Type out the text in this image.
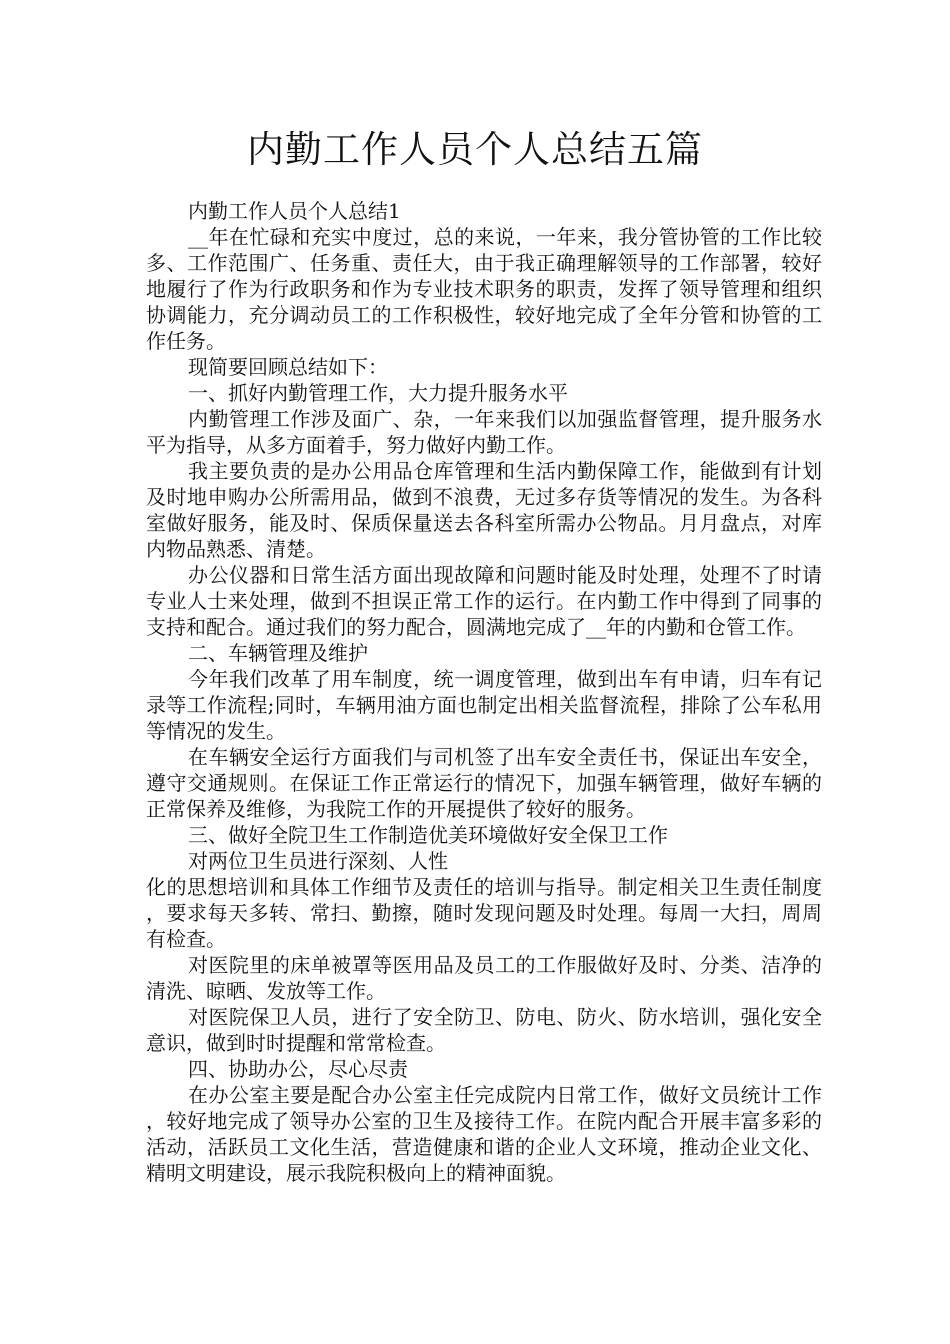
内勤工作人员个人总结五篇

内勤工作人员个人总结1

__年在忙碌和充实中度过，总的来说，一年来，我分管协管的工作比较多、工作范围广、任务重、责任大，由于我正确理解领导的工作部署，较好地履行了作为行政职务和作为专业技术职务的职责，发挥了领导管理和组织协调能力，充分调动员工的工作积极性，较好地完成了全年分管和协管的工作任务。

现简要回顾总结如下：

一、抓好内勤管理工作，大力提升服务水平

内勤管理工作涉及面广、杂，一年来我们以加强监督管理，提升服务水平为指导，从多方面着手，努力做好内勤工作。

我主要负责的是办公用品仓库管理和生活内勤保障工作，能做到有计划及时地申购办公所需用品，做到不浪费，无过多存货等情况的发生。为各科室做好服务，能及时、保质保量送去各科室所需办公物品。月月盘点，对库内物品熟悉、清楚。

办公仪器和日常生活方面出现故障和问题时能及时处理，处理不了时请专业人士来处理，做到不担误正常工作的运行。在内勤工作中得到了同事的支持和配合。通过我们的努力配合，圆满地完成了__年的内勤和仓管工作。

二、车辆管理及维护

今年我们改革了用车制度，统一调度管理，做到出车有申请，归车有记录等工作流程;同时，车辆用油方面也制定出相关监督流程，排除了公车私用等情况的发生。

在车辆安全运行方面我们与司机签了出车安全责任书，保证出车安全，遵守交通规则。在保证工作正常运行的情况下，加强车辆管理，做好车辆的正常保养及维修，为我院工作的开展提供了较好的服务。

三、做好全院卫生工作制造优美环境做好安全保卫工作

对两位卫生员进行深刻、人性

化的思想培训和具体工作细节及责任的培训与指导。制定相关卫生责任制度，要求每天多转、常扫、勤擦，随时发现问题及时处理。每周一大扫，周周有检查。

对医院里的床单被罩等医用品及员工的工作服做好及时、分类、洁净的清洗、晾晒、发放等工作。

对医院保卫人员，进行了安全防卫、防电、防火、防水培训，强化安全意识，做到时时提醒和常常检查。

四、协助办公，尽心尽责

在办公室主要是配合办公室主任完成院内日常工作，做好文员统计工作，较好地完成了领导办公室的卫生及接待工作。在院内配合开展丰富多彩的活动，活跃员工文化生活，营造健康和谐的企业人文环境，推动企业文化、精明文明建设，展示我院积极向上的精神面貌。
